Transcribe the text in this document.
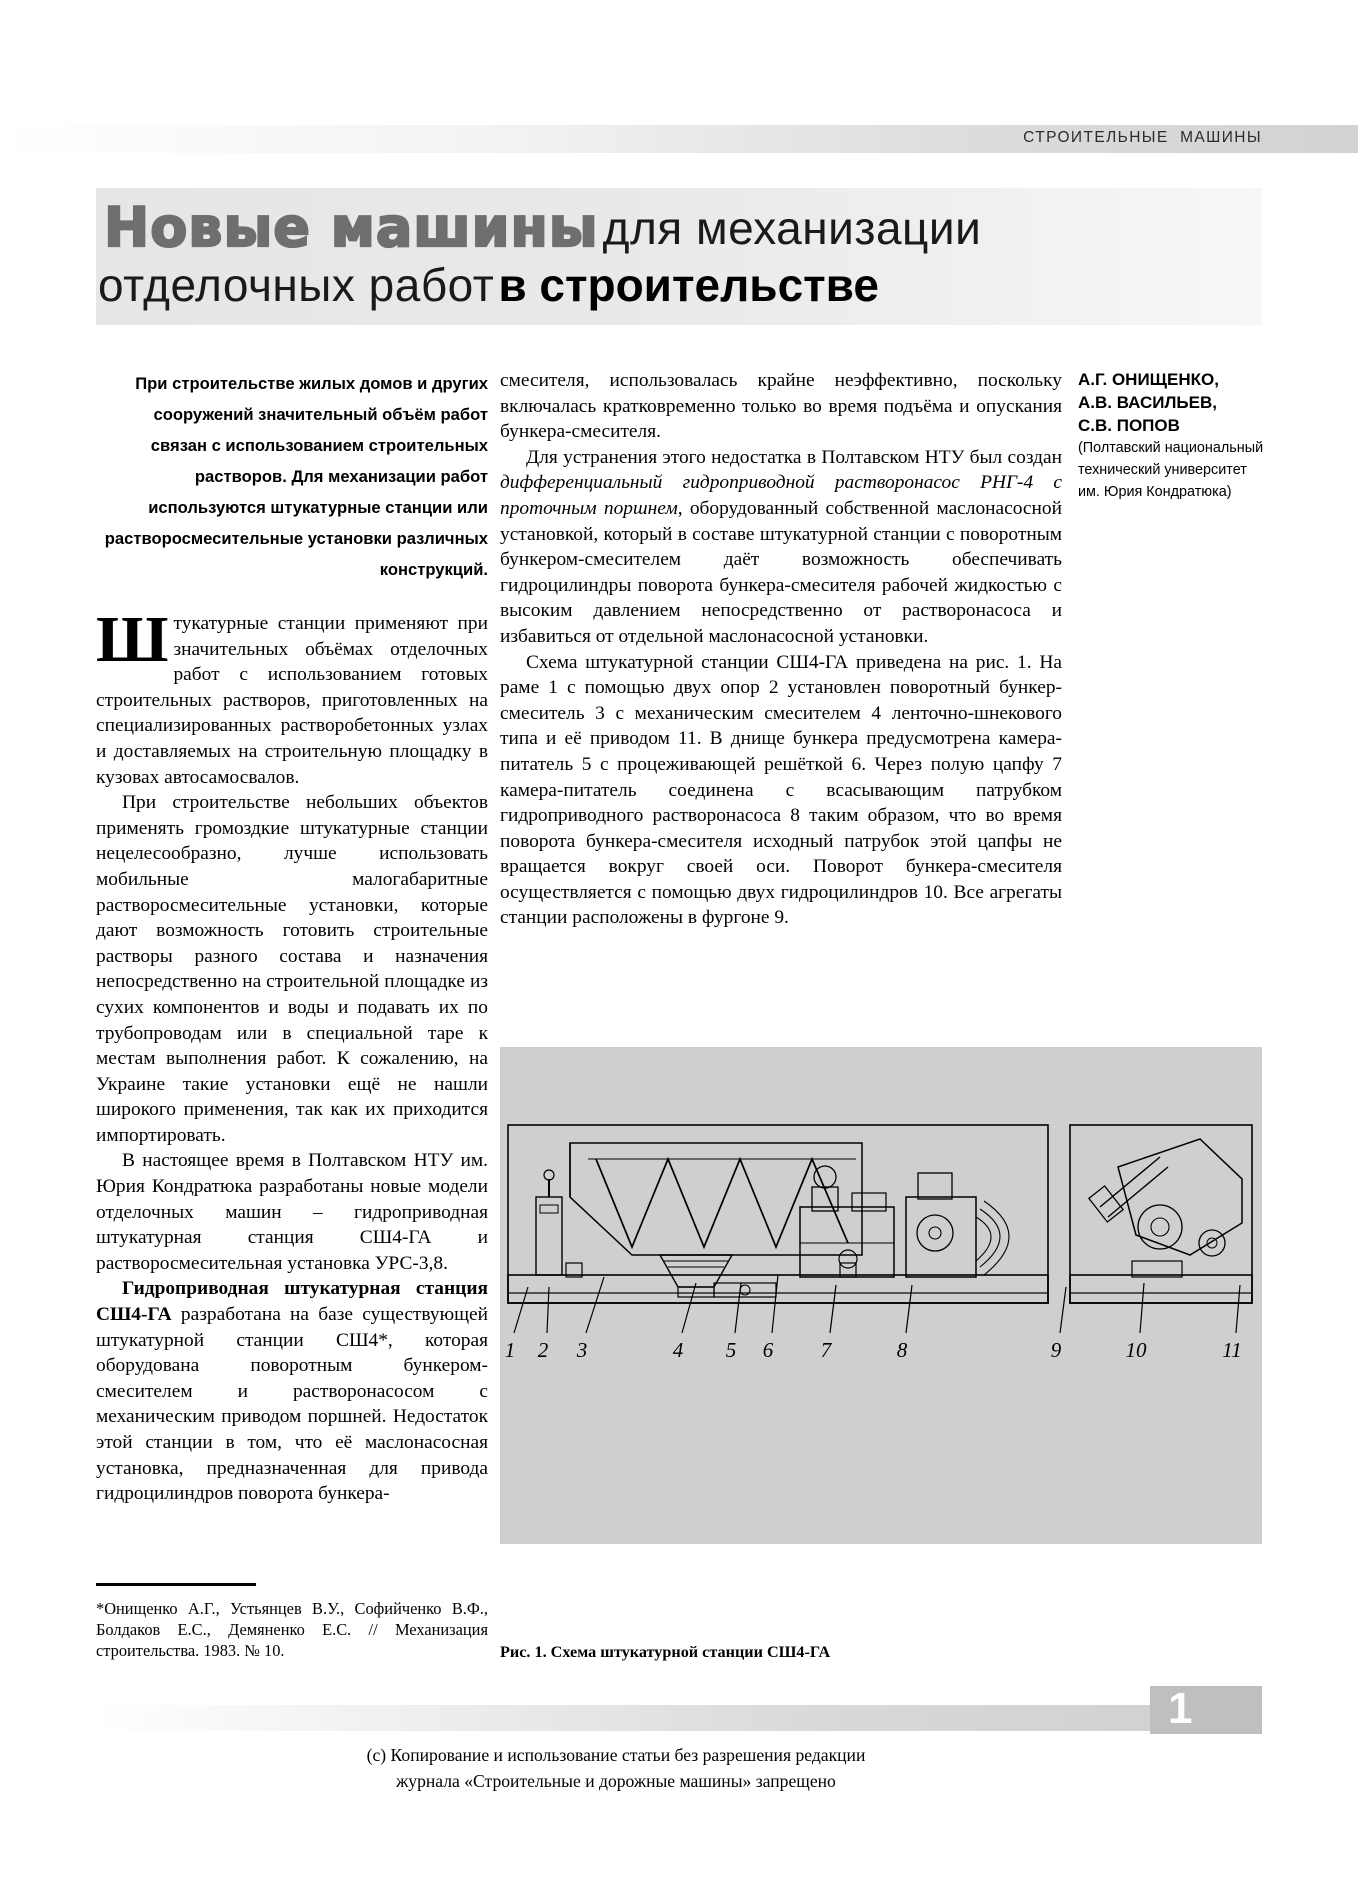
СТРОИТЕЛЬНЫЕ  МАШИНЫ
Новые машины для механизации
отделочных работ в строительстве

При строительстве жилых домов и других сооружений значительный объём работ связан с использованием строительных растворов. Для механизации работ используются штукатурные станции или растворосмесительные установки различных конструкций.

Штукатурные станции применяют при значительных объёмах отделочных работ с использованием готовых строительных растворов, приготовленных на специализированных растворобетонных узлах и доставляемых на строительную площадку в кузовах автосамосвалов.

При строительстве небольших объектов применять громоздкие штукатурные станции нецелесообразно, лучше использовать мобильные малогабаритные растворосмесительные установки, которые дают возможность готовить строительные растворы разного состава и назначения непосредственно на строительной площадке из сухих компонентов и воды и подавать их по трубопроводам или в специальной таре к местам выполнения работ. К сожалению, на Украине такие установки ещё не нашли широкого применения, так как их приходится импортировать.

В настоящее время в Полтавском НТУ им. Юрия Кондратюка разработаны новые модели отделочных машин – гидроприводная штукатурная станция СШ4-ГА и растворосмесительная установка УРС-3,8.

Гидроприводная штукатурная станция СШ4-ГА разработана на базе существующей штукатурной станции СШ4*, которая оборудована поворотным бункером-смесителем и растворонасосом с механическим приводом поршней. Недостаток этой станции в том, что её маслонасосная установка, предназначенная для привода гидроцилиндров поворота бункера-

смесителя, использовалась крайне неэффективно, поскольку включалась кратковременно только во время подъёма и опускания бункера-смесителя.

Для устранения этого недостатка в Полтавском НТУ был создан дифференциальный гидроприводной растворонасос РНГ-4 с проточным поршнем, оборудованный собственной маслонасосной установкой, который в составе штукатурной станции с поворотным бункером-смесителем даёт возможность обеспечивать гидроцилиндры поворота бункера-смесителя рабочей жидкостью с высоким давлением непосредственно от растворонасоса и избавиться от отдельной маслонасосной установки.

Схема штукатурной станции СШ4-ГА приведена на рис. 1. На раме 1 с помощью двух опор 2 установлен поворотный бункер-смеситель 3 с механическим смесителем 4 ленточно-шнекового типа и её приводом 11. В днище бункера предусмотрена камера-питатель 5 с процеживающей решёткой 6. Через полую цапфу 7 камера-питатель соединена с всасывающим патрубком гидроприводного растворонасоса 8 таким образом, что во время поворота бункера-смесителя исходный патрубок этой цапфы не вращается вокруг своей оси. Поворот бункера-смесителя осуществляется с помощью двух гидроцилиндров 10. Все агрегаты станции расположены в фургоне 9.

А.Г. ОНИЩЕНКО,
А.В. ВАСИЛЬЕВ,
С.В. ПОПОВ

(Полтавский национальный технический университет им. Юрия Кондратюка)

*Онищенко А.Г., Устьянцев В.У., Софийченко В.Ф., Болдаков Е.С., Демяненко Е.С. // Механизация строительства. 1983. № 10.

1 2 3	4 5 6 7	8	9	10	11
Рис. 1. Схема штукатурной станции СШ4-ГА
1
(с) Копирование и использование статьи без разрешения редакции
журнала «Строительные и дорожные машины» запрещено
